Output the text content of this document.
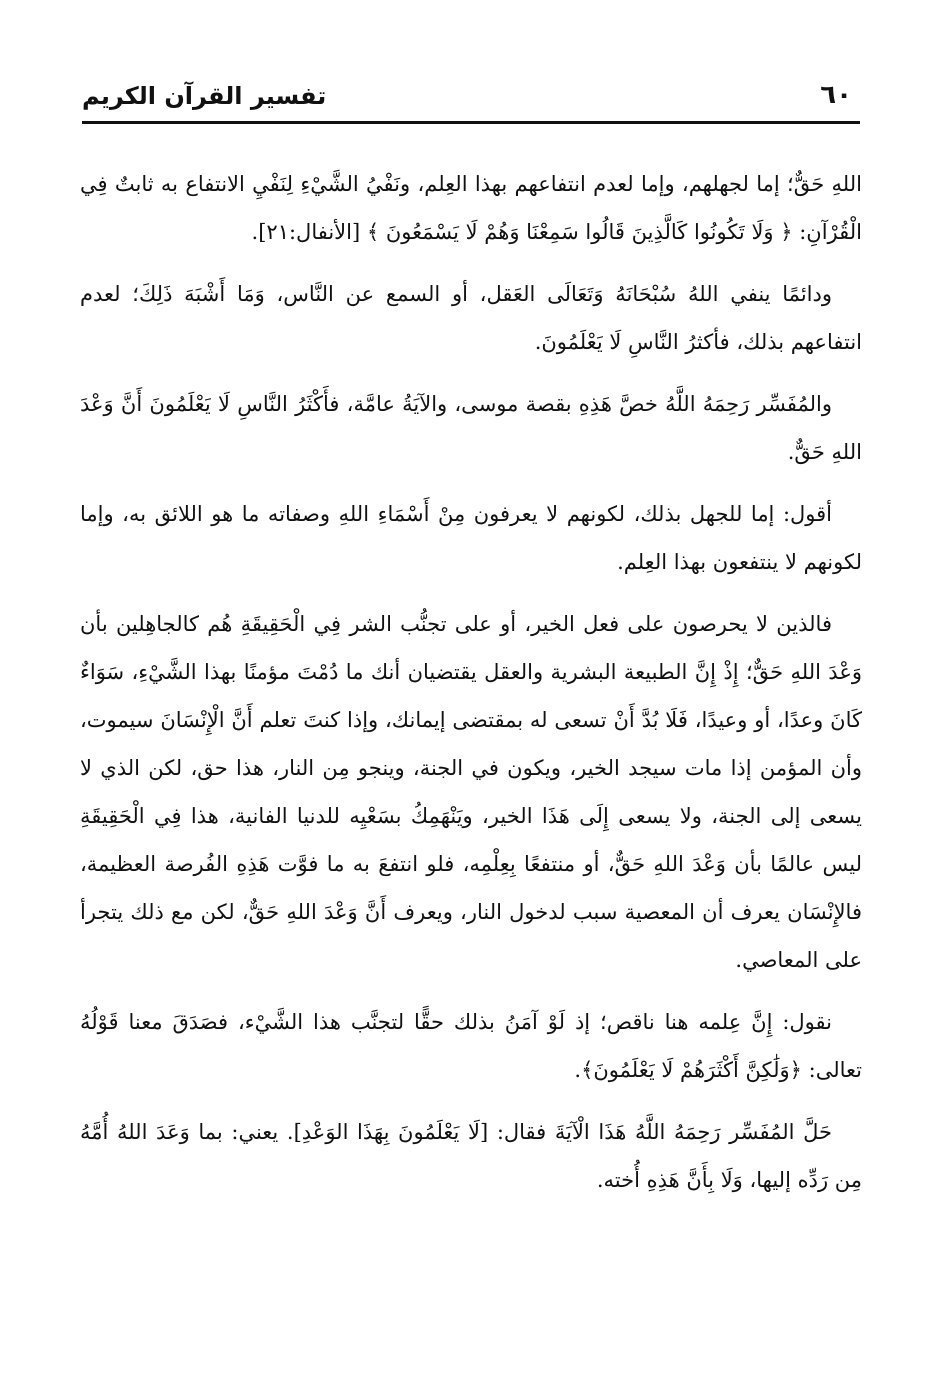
٦٠
تفسير القرآن الكريم

اللهِ حَقٌّ؛ إما لجهلهم، وإما لعدم انتفاعهم بهذا العِلم، ونَفْيُ الشَّيْءِ لِنَفْيِ الانتفاع به ثابتٌ فِي الْقُرْآنِ: ﴿ وَلَا تَكُونُوا كَالَّذِينَ قَالُوا سَمِعْنَا وَهُمْ لَا يَسْمَعُونَ ﴾ [الأنفال:٢١].

ودائمًا ينفي اللهُ سُبْحَانَهُ وَتَعَالَى العَقل، أو السمع عن النَّاس، وَمَا أَشْبَهَ ذَلِكَ؛ لعدم انتفاعهم بذلك، فأكثرُ النَّاسِ لَا يَعْلَمُونَ.

والمُفَسِّر رَحِمَهُ اللَّهُ خصَّ هَذِهِ بقصة موسى، والآيَةُ عامَّة، فأَكْثَرُ النَّاسِ لَا يَعْلَمُونَ أَنَّ وَعْدَ اللهِ حَقٌّ.

أقول: إما للجهل بذلك، لكونهم لا يعرفون مِنْ أَسْمَاءِ اللهِ وصفاته ما هو اللائق به، وإما لكونهم لا ينتفعون بهذا العِلم.

فالذين لا يحرصون على فعل الخير، أو على تجنُّب الشر فِي الْحَقِيقَةِ هُم كالجاهِلين بأن وَعْدَ اللهِ حَقٌّ؛ إِذْ إِنَّ الطبيعة البشرية والعقل يقتضيان أنك ما دُمْتَ مؤمنًا بهذا الشَّيْءِ، سَوَاءٌ كَانَ وعدًا، أو وعيدًا، فَلَا بُدَّ أَنْ تسعى له بمقتضى إيمانك، وإذا كنتَ تعلم أَنَّ الْإِنْسَانَ سيموت، وأن المؤمن إذا مات سيجد الخير، ويكون في الجنة، وينجو مِن النار، هذا حق، لكن الذي لا يسعى إلى الجنة، ولا يسعى إِلَى هَذَا الخير، ويَنْهَمِكُ بسَعْيِه للدنيا الفانية، هذا فِي الْحَقِيقَةِ ليس عالمًا بأن وَعْدَ اللهِ حَقٌّ، أو منتفعًا بِعِلْمِه، فلو انتفعَ به ما فوَّت هَذِهِ الفُرصة العظيمة، فالإِنْسَان يعرف أن المعصية سبب لدخول النار، ويعرف أَنَّ وَعْدَ اللهِ حَقٌّ، لكن مع ذلك يتجرأ على المعاصي.

نقول: إِنَّ عِلمه هنا ناقص؛ إذ لَوْ آمَنُ بذلك حقًّا لتجنَّب هذا الشَّيْء، فصَدَقَ معنا قَوْلُهُ تعالى: ﴿وَلَٰكِنَّ أَكْثَرَهُمْ لَا يَعْلَمُونَ﴾.

حَلَّ المُفَسِّر رَحِمَهُ اللَّهُ هَذَا الْآيَةَ فقال: [لَا يَعْلَمُونَ بِهَذَا الوَعْدِ]. يعني: بما وَعَدَ اللهُ أُمَّهُ مِن رَدِّه إليها، وَلَا بِأَنَّ هَذِهِ أُخته.
